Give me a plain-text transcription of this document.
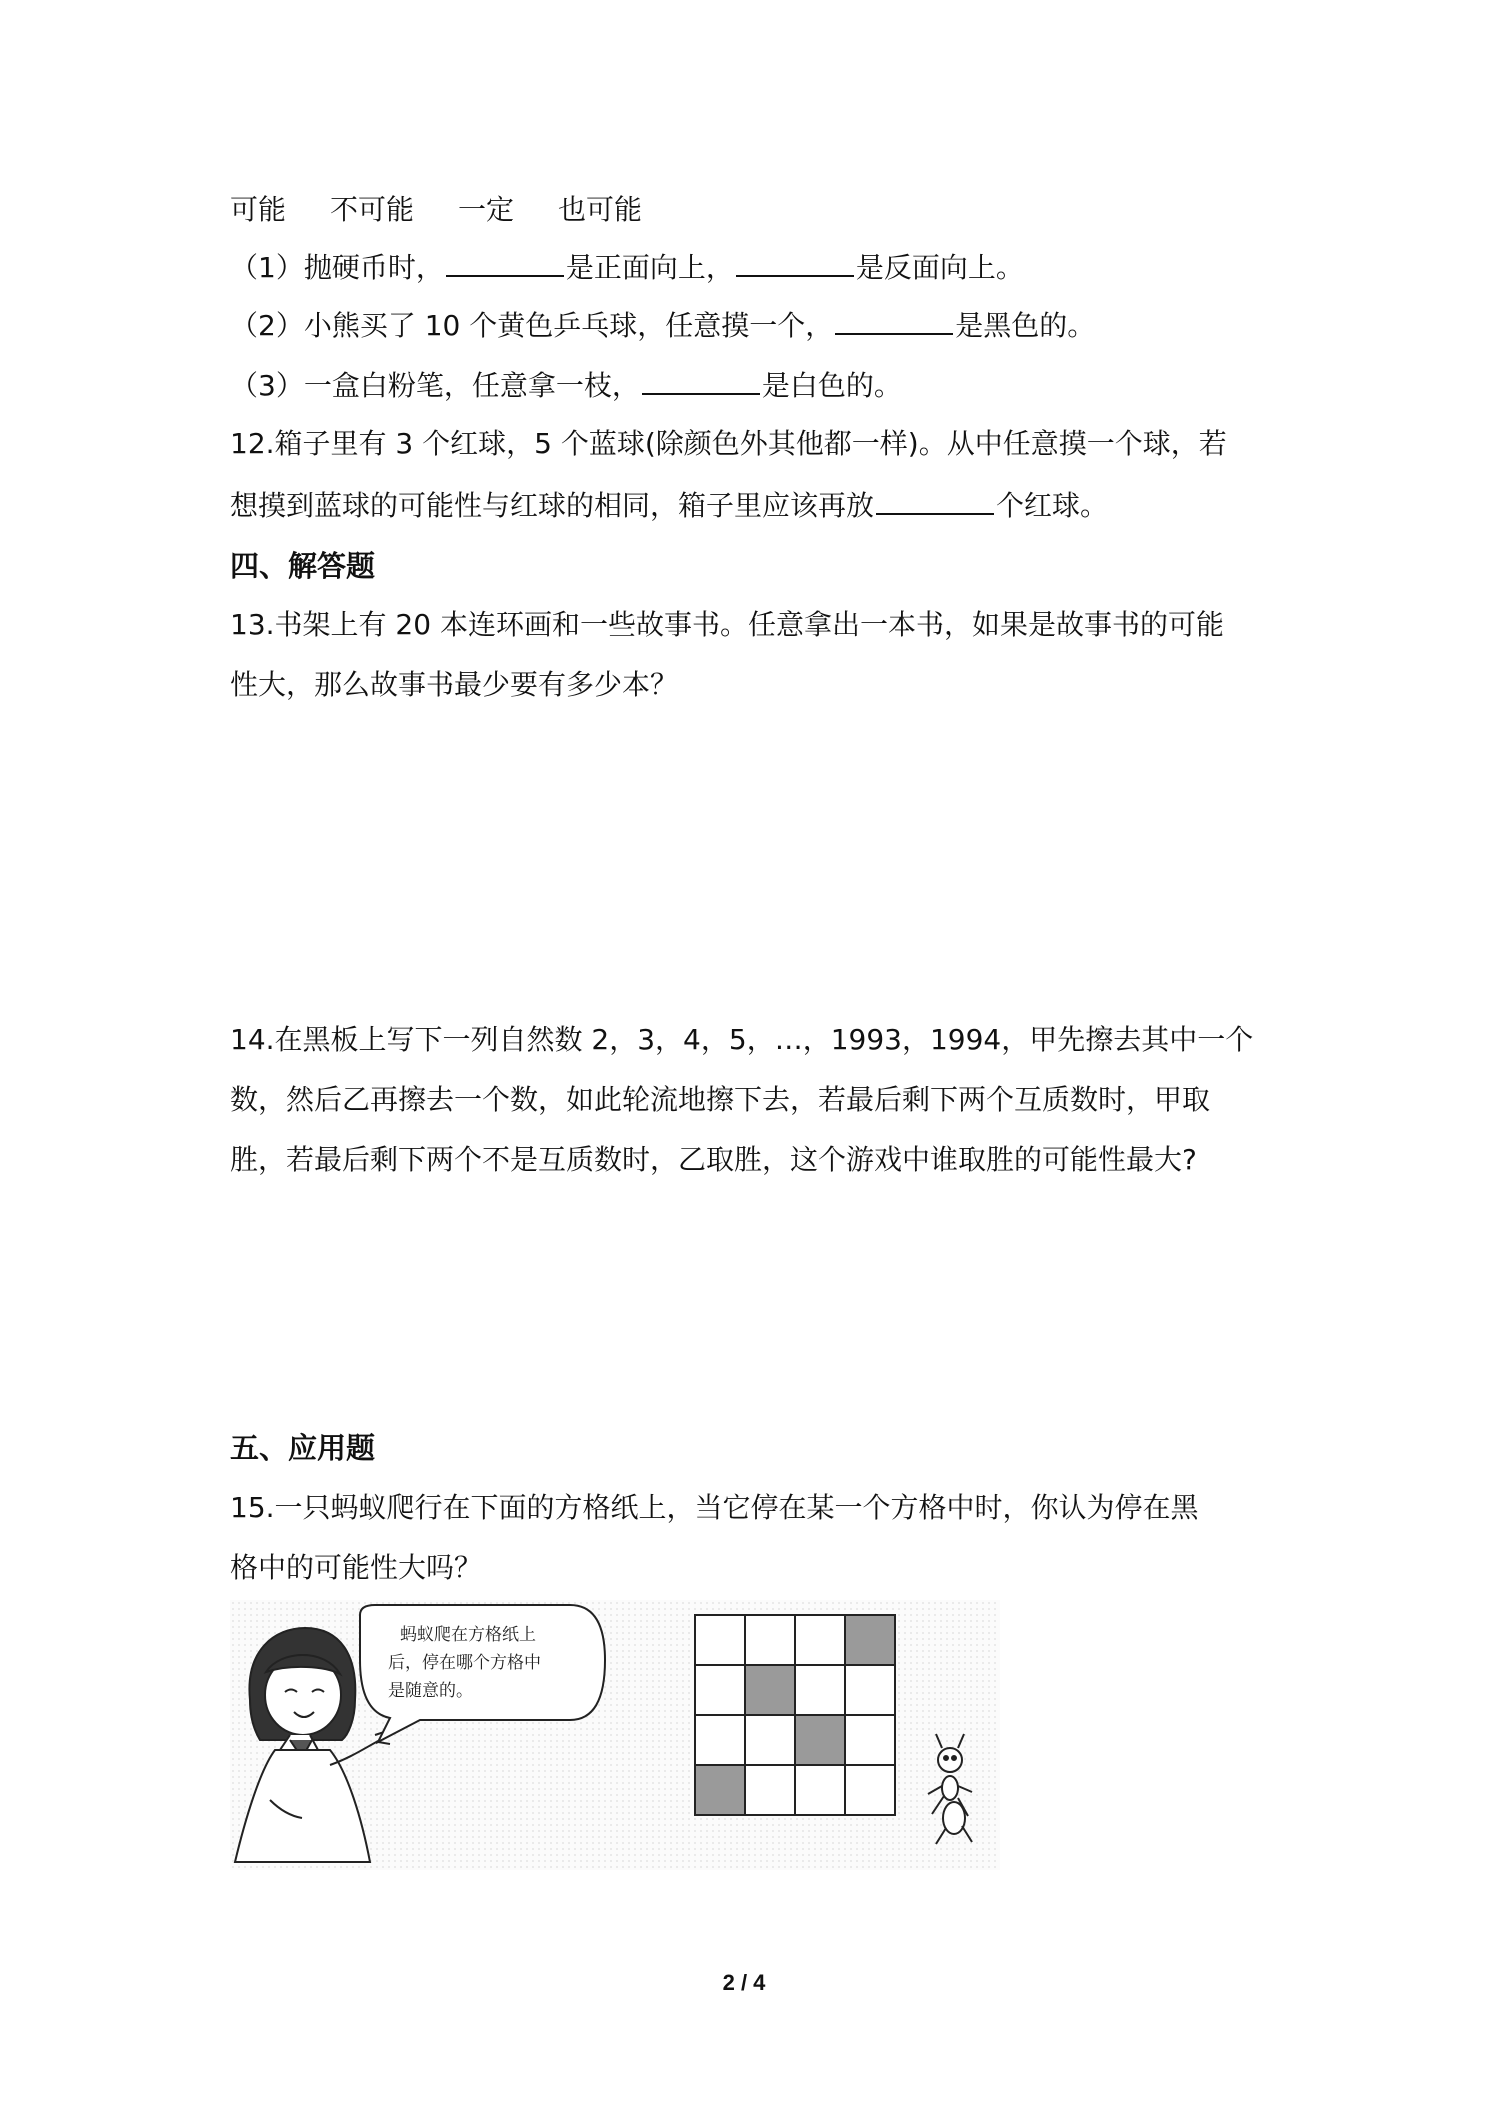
可能 不可能 一定 也可能
（1）抛硬币时，	是正面向上，	是反面向上。
（2）小熊买了 10 个黄色乒乓球，任意摸一个，	是黑色的。
（3）一盒白粉笔，任意拿一枝，	是白色的。
12.箱子里有 3 个红球，5 个蓝球(除颜色外其他都一样)。从中任意摸一个球，若
想摸到蓝球的可能性与红球的相同，箱子里应该再放	个红球。
四、解答题
13.书架上有 20 本连环画和一些故事书。任意拿出一本书，如果是故事书的可能
性大，那么故事书最少要有多少本？
14.在黑板上写下一列自然数 2，3，4，5，…，1993，1994，甲先擦去其中一个
数，然后乙再擦去一个数，如此轮流地擦下去，若最后剩下两个互质数时，甲取
胜，若最后剩下两个不是互质数时，乙取胜，这个游戏中谁取胜的可能性最大?
五、应用题
15.一只蚂蚁爬行在下面的方格纸上，当它停在某一个方格中时，你认为停在黑
格中的可能性大吗？
蚂蚁爬在方格纸上
后，停在哪个方格中
是随意的。
2 / 4
